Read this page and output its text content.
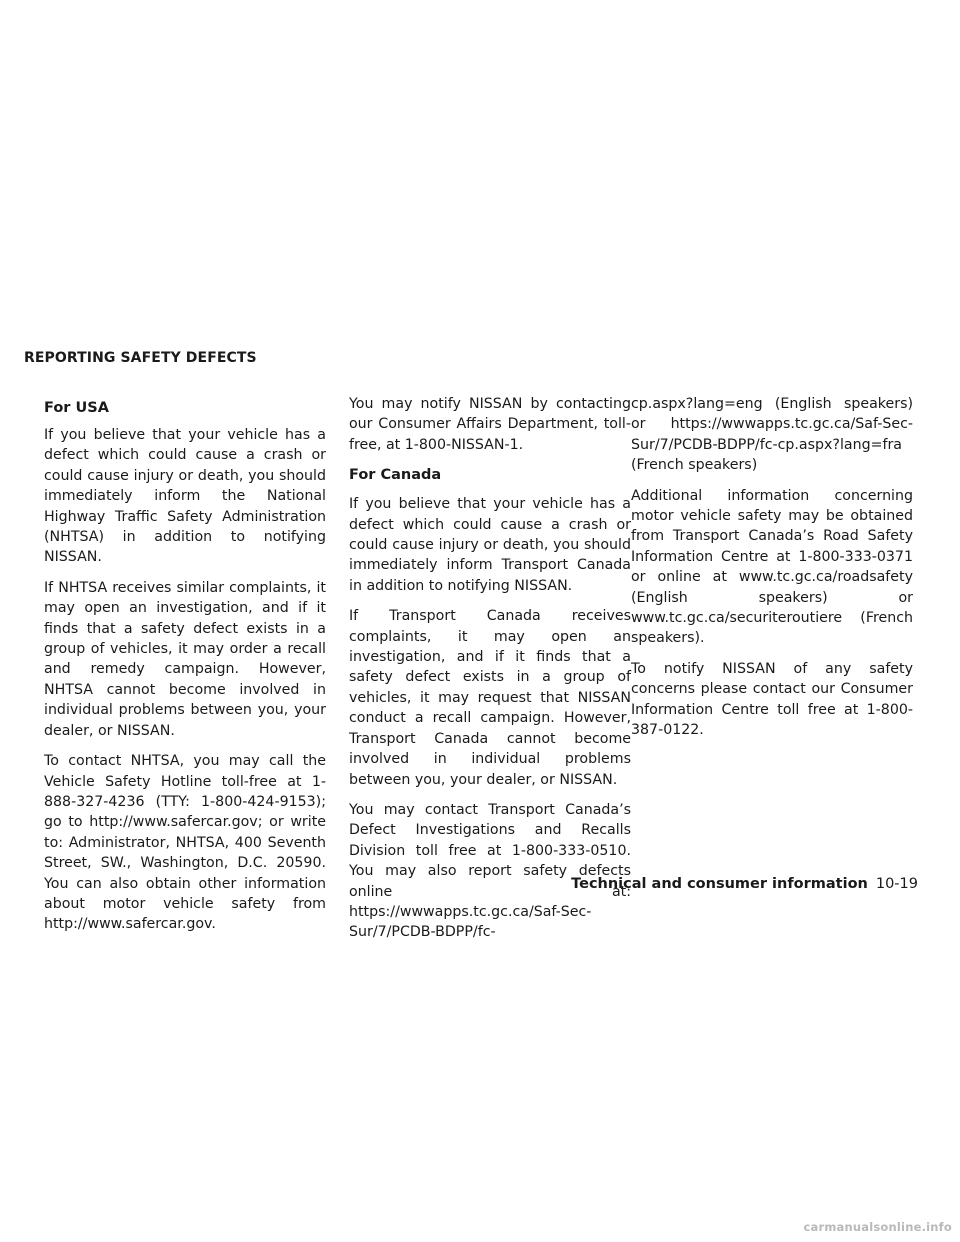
REPORTING SAFETY DEFECTS
For USA

If you believe that your vehicle has a defect which could cause a crash or could cause injury or death, you should immediately inform the National Highway Traffic Safety Administration (NHTSA) in addition to notifying NISSAN.

If NHTSA receives similar complaints, it may open an investigation, and if it finds that a safety defect exists in a group of vehicles, it may order a recall and remedy campaign. However, NHTSA cannot become involved in individual problems between you, your dealer, or NISSAN.

To contact NHTSA, you may call the Vehicle Safety Hotline toll-free at 1-888-327-4236 (TTY: 1-800-424-9153); go to http://www.safercar.gov; or write to: Administrator, NHTSA, 400 Seventh Street, SW., Washington, D.C. 20590. You can also obtain other information about motor vehicle safety from http://www.safercar.gov.

You may notify NISSAN by contacting our Consumer Affairs Department, toll-free, at 1-800-NISSAN-1.

For Canada

If you believe that your vehicle has a defect which could cause a crash or could cause injury or death, you should immediately inform Transport Canada in addition to notifying NISSAN.

If Transport Canada receives complaints, it may open an investigation, and if it finds that a safety defect exists in a group of vehicles, it may request that NISSAN conduct a recall campaign. However, Transport Canada cannot become involved in individual problems between you, your dealer, or NISSAN.

You may contact Transport Canada’s Defect Investigations and Recalls Division toll free at 1-800-333-0510. You may also report safety defects online at: https://wwwapps.tc.gc.ca/Saf-Sec-Sur/7/PCDB-BDPP/fc-

cp.aspx?lang=eng (English speakers) or https://wwwapps.tc.gc.ca/Saf-Sec-Sur/7/PCDB-BDPP/fc-cp.aspx?lang=fra (French speakers)

Additional information concerning motor vehicle safety may be obtained from Transport Canada’s Road Safety Information Centre at 1-800-333-0371 or online at www.tc.gc.ca/roadsafety (English speakers) or www.tc.gc.ca/securiteroutiere (French speakers).

To notify NISSAN of any safety concerns please contact our Consumer Information Centre toll free at 1-800-387-0122.

Technical and consumer information 10-19
carmanualsonline.info
